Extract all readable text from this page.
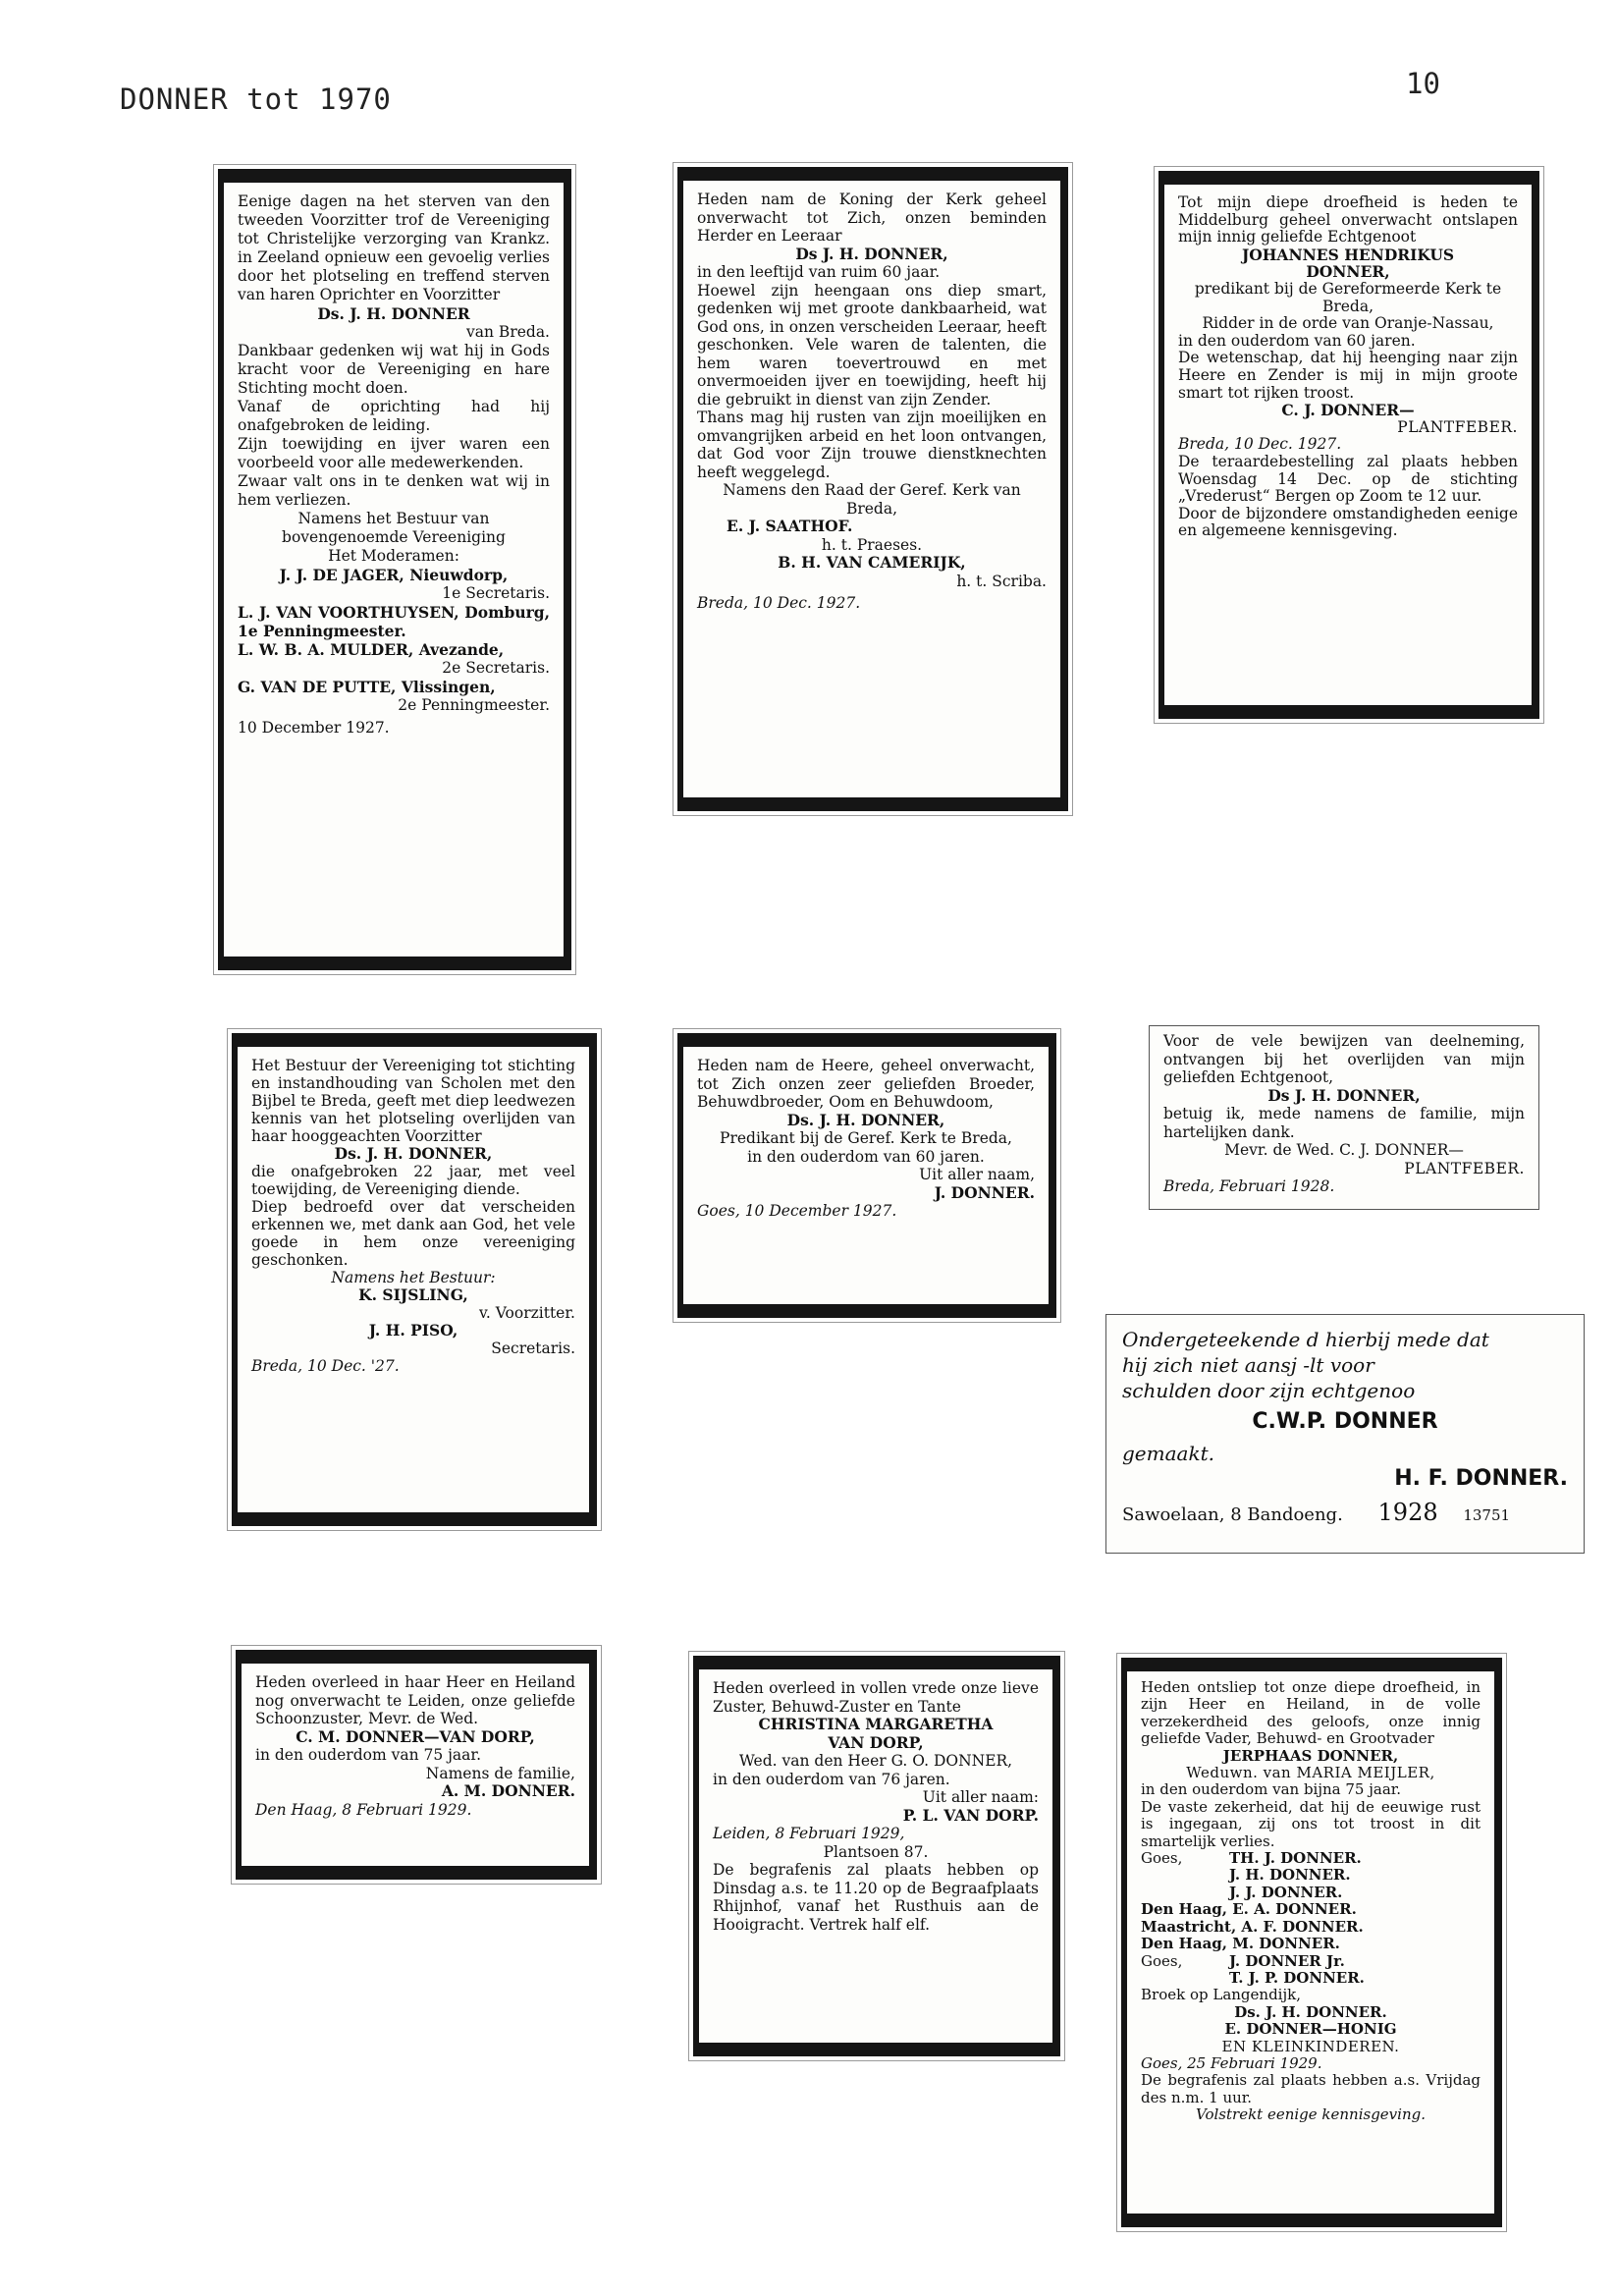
DONNER tot 1970	10
Eenige dagen na het sterven van den tweeden Voorzitter trof de Vereeniging tot Christelijke verzorging van Krankz. in Zeeland opnieuw een gevoelig verlies door het plotseling en treffend sterven van haren Oprichter en Voorzitter
Ds. J. H. DONNER
van Breda.
Dankbaar gedenken wij wat hij in Gods kracht voor de Vereeniging en hare Stichting mocht doen.
Vanaf de oprichting had hij onafgebroken de leiding.
Zijn toewijding en ijver waren een voorbeeld voor alle medewerkenden.
Zwaar valt ons in te denken wat wij in hem verliezen.
Namens het Bestuur van bovengenoemde Vereeniging
Het Moderamen:
J. J. DE JAGER, Nieuwdorp,
1e Secretaris.
L. J. VAN VOORTHUYSEN, Domburg, 1e Penningmeester.
L. W. B. A. MULDER, Avezande,
2e Secretaris.
G. VAN DE PUTTE, Vlissingen,
2e Penningmeester.
10 December 1927.
Heden nam de Koning der Kerk geheel onverwacht tot Zich, onzen beminden Herder en Leeraar
Ds J. H. DONNER,
in den leeftijd van ruim 60 jaar.
Hoewel zijn heengaan ons diep smart, gedenken wij met groote dankbaarheid, wat God ons, in onzen verscheiden Leeraar, heeft geschonken. Vele waren de talenten, die hem waren toevertrouwd en met onvermoeiden ijver en toewijding, heeft hij die gebruikt in dienst van zijn Zender.
Thans mag hij rusten van zijn moeilijken en omvangrijken arbeid en het loon ontvangen, dat God voor Zijn trouwe dienstknechten heeft weggelegd.
Namens den Raad der Geref. Kerk van Breda,
E. J. SAATHOF.
h. t. Praeses.
B. H. VAN CAMERIJK,
h. t. Scriba.
Breda, 10 Dec. 1927.
Tot mijn diepe droefheid is heden te Middelburg geheel onverwacht ontslapen mijn innig geliefde Echtgenoot
JOHANNES HENDRIKUS
DONNER,
predikant bij de Gereformeerde Kerk te Breda,
Ridder in de orde van Oranje-Nassau,
in den ouderdom van 60 jaren.
De wetenschap, dat hij heenging naar zijn Heere en Zender is mij in mijn groote smart tot rijken troost.
C. J. DONNER—
PLANTFEBER.
Breda, 10 Dec. 1927.
De teraardebestelling zal plaats hebben Woensdag 14 Dec. op de stichting „Vrederust“ Bergen op Zoom te 12 uur.
Door de bijzondere omstandigheden eenige en algemeene kennisgeving.
Het Bestuur der Vereeniging tot stichting en instandhouding van Scholen met den Bijbel te Breda, geeft met diep leedwezen kennis van het plotseling overlijden van haar hooggeachten Voorzitter
Ds. J. H. DONNER,
die onafgebroken 22 jaar, met veel toewijding, de Vereeniging diende.
Diep bedroefd over dat verscheiden erkennen we, met dank aan God, het vele goede in hem onze vereeniging geschonken.
Namens het Bestuur:
K. SIJSLING,
v. Voorzitter.
J. H. PISO,
Secretaris.
Breda, 10 Dec. '27.
Heden nam de Heere, geheel onverwacht, tot Zich onzen zeer geliefden Broeder, Behuwdbroeder, Oom en Behuwdoom,
Ds. J. H. DONNER,
Predikant bij de Geref. Kerk te Breda,
in den ouderdom van 60 jaren.
Uit aller naam,
J. DONNER.
Goes, 10 December 1927.
Voor de vele bewijzen van deelneming, ontvangen bij het overlijden van mijn geliefden Echtgenoot,
Ds J. H. DONNER,
betuig ik, mede namens de familie, mijn hartelijken dank.
Mevr. de Wed. C. J. DONNER—
PLANTFEBER.
Breda, Februari 1928.
Ondergeteekende d hierbij mede dat
hij zich niet aansj -lt voor
schulden door zijn echtgenoo
C.W.P. DONNER
gemaakt.
H. F. DONNER.
Sawoelaan, 8 Bandoeng. 1928 13751
Heden overleed in haar Heer en Heiland nog onverwacht te Leiden, onze geliefde Schoonzuster, Mevr. de Wed.
C. M. DONNER—VAN DORP,
in den ouderdom van 75 jaar.
Namens de familie,
A. M. DONNER.
Den Haag, 8 Februari 1929.
Heden overleed in vollen vrede onze lieve Zuster, Behuwd-Zuster en Tante
CHRISTINA MARGARETHA
VAN DORP,
Wed. van den Heer G. O. DONNER,
in den ouderdom van 76 jaren.
Uit aller naam:
P. L. VAN DORP.
Leiden, 8 Februari 1929,
Plantsoen 87.
De begrafenis zal plaats hebben op Dinsdag a.s. te 11.20 op de Begraafplaats Rhijnhof, vanaf het Rusthuis aan de Hooigracht. Vertrek half elf.
Heden ontsliep tot onze diepe droefheid, in zijn Heer en Heiland, in de volle verzekerdheid des geloofs, onze innig geliefde Vader, Behuwd- en Grootvader
JERPHAAS DONNER,
Weduwn. van MARIA MEIJLER,
in den ouderdom van bijna 75 jaar.
De vaste zekerheid, dat hij de eeuwige rust is ingegaan, zij ons tot troost in dit smartelijk verlies.
Goes,	TH. J. DONNER.
J. H. DONNER.
J. J. DONNER.
Den Haag, E. A. DONNER.
Maastricht, A. F. DONNER.
Den Haag, M. DONNER.
Goes,	J. DONNER Jr.
T. J. P. DONNER.
Broek op Langendijk,
Ds. J. H. DONNER.
E. DONNER—HONIG
EN KLEINKINDEREN.
Goes, 25 Februari 1929.
De begrafenis zal plaats hebben a.s. Vrijdag des n.m. 1 uur.
Volstrekt eenige kennisgeving.
